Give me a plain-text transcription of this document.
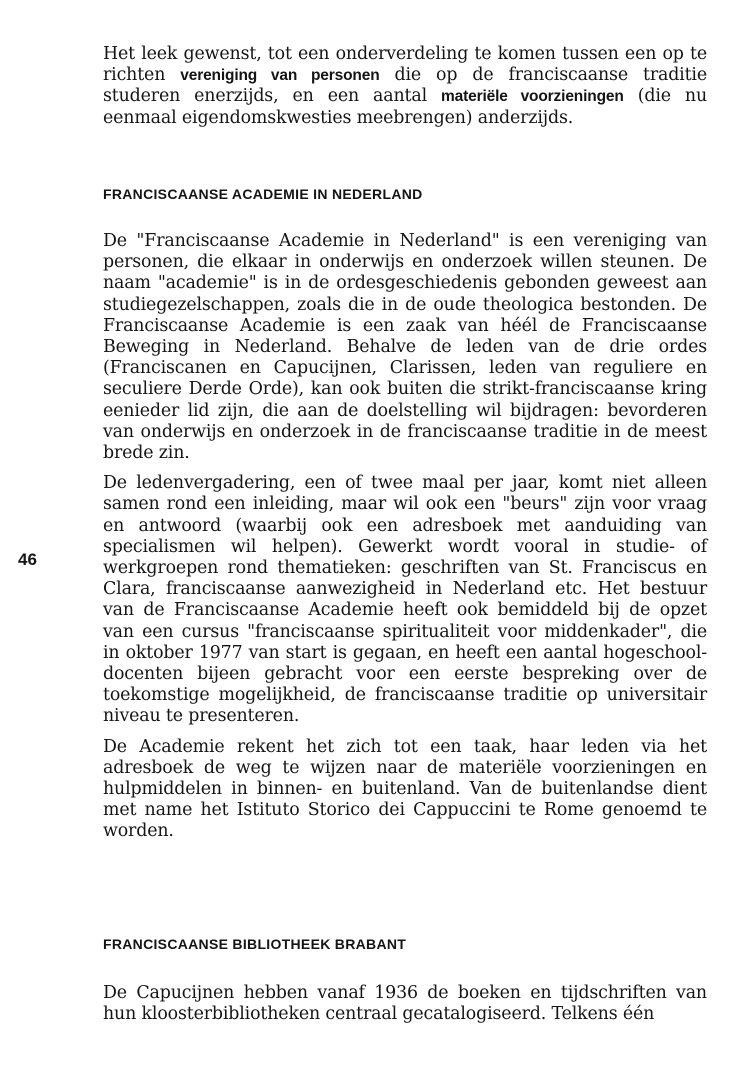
Het leek gewenst, tot een onderverdeling te komen tussen een op te richten vereniging van personen die op de franciscaanse traditie studeren enerzijds, en een aantal materiële voorzieningen (die nu eenmaal eigendomskwesties meebrengen) anderzijds.

FRANCISCAANSE ACADEMIE IN NEDERLAND

De "Franciscaanse Academie in Nederland" is een vereniging van personen, die elkaar in onderwijs en onderzoek willen steunen. De naam "academie" is in de ordesgeschiedenis gebonden geweest aan studiegezelschappen, zoals die in de oude theologica bestonden. De Franciscaanse Academie is een zaak van héél de Franciscaanse Beweging in Nederland. Behalve de leden van de drie ordes (Franciscanen en Capucijnen, Clarissen, leden van reguliere en seculiere Derde Orde), kan ook buiten die strikt-franciscaanse kring eenieder lid zijn, die aan de doelstelling wil bijdragen: bevorderen van onderwijs en onderzoek in de franciscaanse traditie in de meest brede zin.

De ledenvergadering, een of twee maal per jaar, komt niet alleen samen rond een inleiding, maar wil ook een "beurs" zijn voor vraag en antwoord (waarbij ook een adresboek met aanduiding van specialismen wil helpen). Gewerkt wordt vooral in studie- of werkgroepen rond thematieken: geschriften van St. Franciscus en Clara, franciscaanse aanwezigheid in Nederland etc. Het bestuur van de Franciscaanse Academie heeft ook bemiddeld bij de opzet van een cursus "franciscaanse spiritualiteit voor middenkader", die in oktober 1977 van start is gegaan, en heeft een aantal hogeschool-docenten bijeen gebracht voor een eerste bespreking over de toekomstige mogelijkheid, de franciscaanse traditie op universitair niveau te presenteren.

De Academie rekent het zich tot een taak, haar leden via het adresboek de weg te wijzen naar de materiële voorzieningen en hulpmiddelen in binnen- en buitenland. Van de buitenlandse dient met name het Istituto Storico dei Cappuccini te Rome genoemd te worden.

46
FRANCISCAANSE BIBLIOTHEEK BRABANT

De Capucijnen hebben vanaf 1936 de boeken en tijdschriften van hun kloosterbibliotheken centraal gecatalogiseerd. Telkens één
